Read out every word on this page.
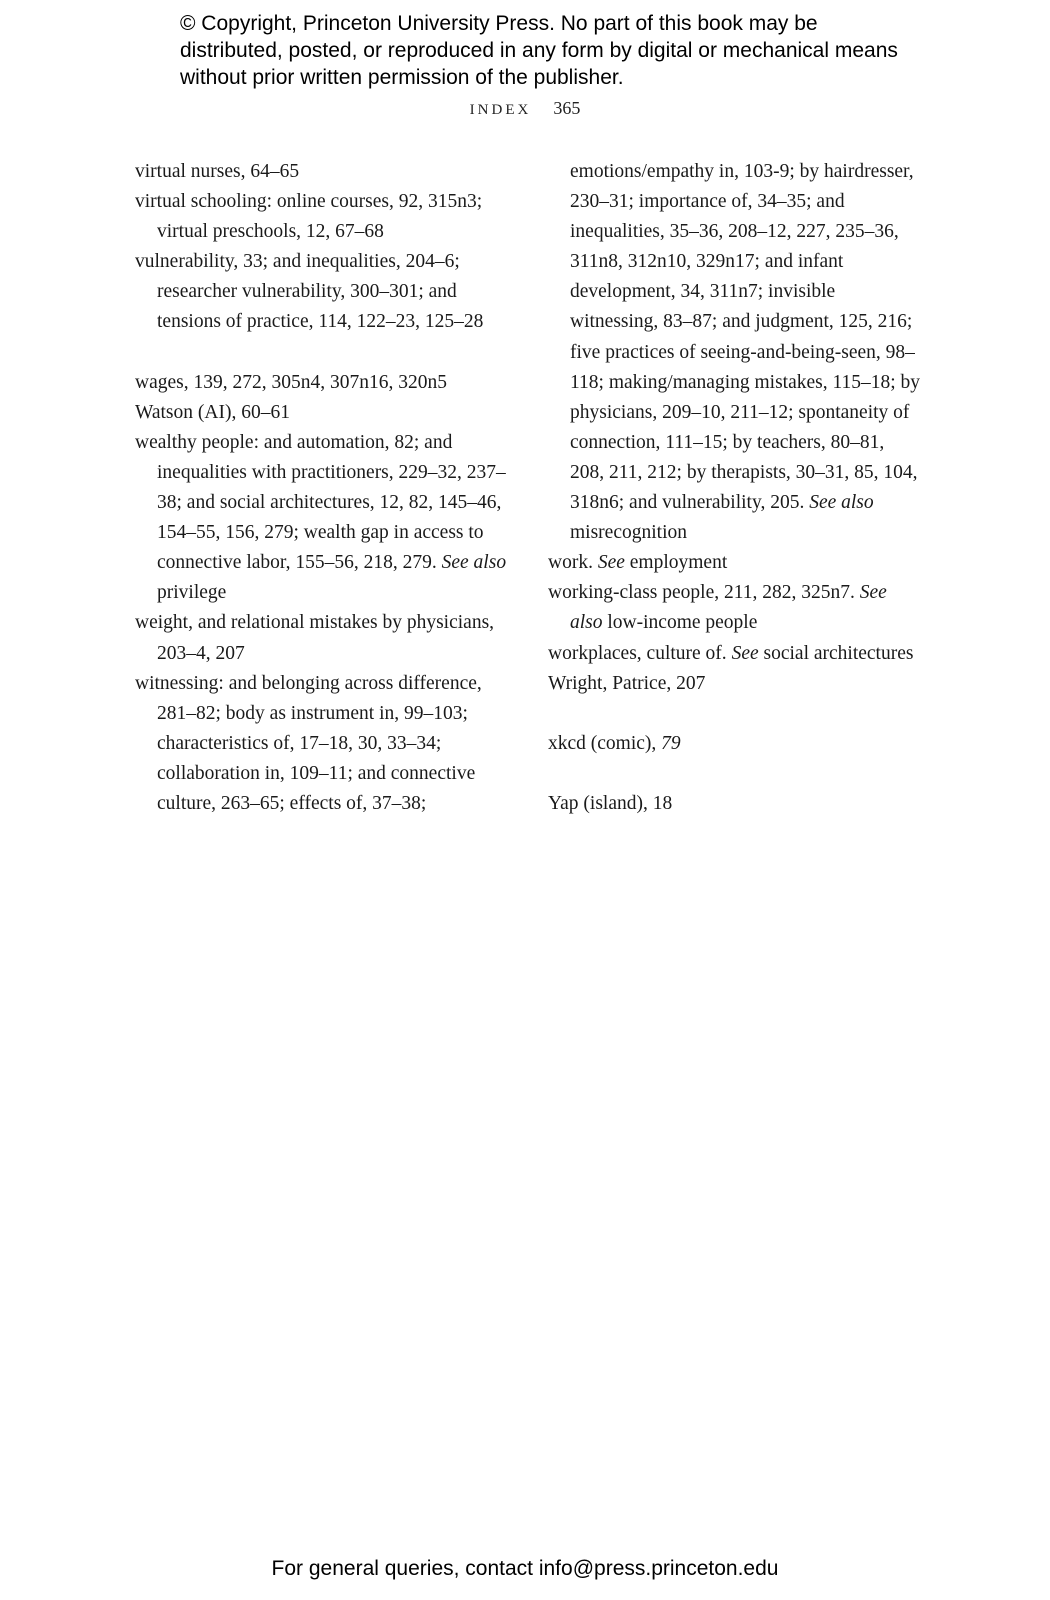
© Copyright, Princeton University Press. No part of this book may be distributed, posted, or reproduced in any form by digital or mechanical means without prior written permission of the publisher.
INDEX 365

virtual nurses, 64–65

virtual schooling: online courses, 92, 315n3; virtual preschools, 12, 67–68

vulnerability, 33; and inequalities, 204–6; researcher vulnerability, 300–301; and tensions of practice, 114, 122–23, 125–28

wages, 139, 272, 305n4, 307n16, 320n5

Watson (AI), 60–61

wealthy people: and automation, 82; and inequalities with practitioners, 229–32, 237–38; and social architectures, 12, 82, 145–46, 154–55, 156, 279; wealth gap in access to connective labor, 155–56, 218, 279. See also privilege

weight, and relational mistakes by physicians, 203–4, 207

witnessing: and belonging across difference, 281–82; body as instrument in, 99–103; characteristics of, 17–18, 30, 33–34; collaboration in, 109–11; and connective culture, 263–65; effects of, 37–38;

emotions/empathy in, 103-9; by hairdresser, 230–31; importance of, 34–35; and inequalities, 35–36, 208–12, 227, 235–36, 311n8, 312n10, 329n17; and infant development, 34, 311n7; invisible witnessing, 83–87; and judgment, 125, 216; five practices of seeing-and-being-seen, 98–118; making/managing mistakes, 115–18; by physicians, 209–10, 211–12; spontaneity of connection, 111–15; by teachers, 80–81, 208, 211, 212; by therapists, 30–31, 85, 104, 318n6; and vulnerability, 205. See also misrecognition

work. See employment

working-class people, 211, 282, 325n7. See also low-income people

workplaces, culture of. See social architectures

Wright, Patrice, 207

xkcd (comic), 79

Yap (island), 18

For general queries, contact info@press.princeton.edu
